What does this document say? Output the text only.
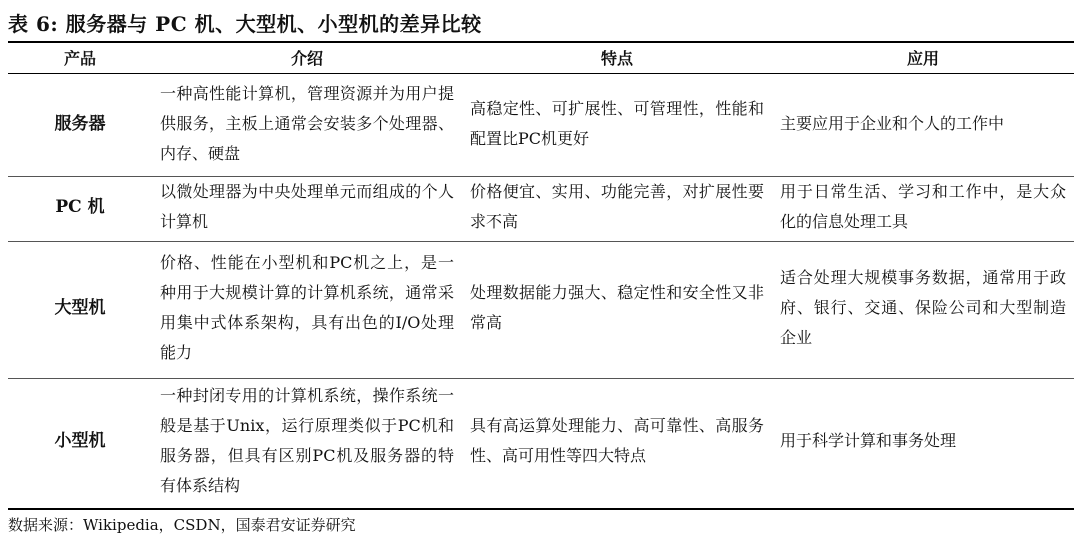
表 6: 服务器与 PC 机、大型机、小型机的差异比较
产品	介绍	特点	应用
服务器	一种高性能计算机，管理资源并为用户提供服务，主板上通常会安装多个处理器、内存、硬盘	高稳定性、可扩展性、可管理性，性能和配置比PC机更好	主要应用于企业和个人的工作中
PC 机	以微处理器为中央处理单元而组成的个人计算机	价格便宜、实用、功能完善，对扩展性要求不高	用于日常生活、学习和工作中，是大众化的信息处理工具
大型机	价格、性能在小型机和PC机之上，是一种用于大规模计算的计算机系统，通常采用集中式体系架构，具有出色的I/O处理能力	处理数据能力强大、稳定性和安全性又非常高	适合处理大规模事务数据，通常用于政府、银行、交通、保险公司和大型制造企业
小型机	一种封闭专用的计算机系统，操作系统一般是基于Unix，运行原理类似于PC机和服务器，但具有区别PC机及服务器的特有体系结构	具有高运算处理能力、高可靠性、高服务性、高可用性等四大特点	用于科学计算和事务处理
数据来源：Wikipedia，CSDN，国泰君安证券研究
